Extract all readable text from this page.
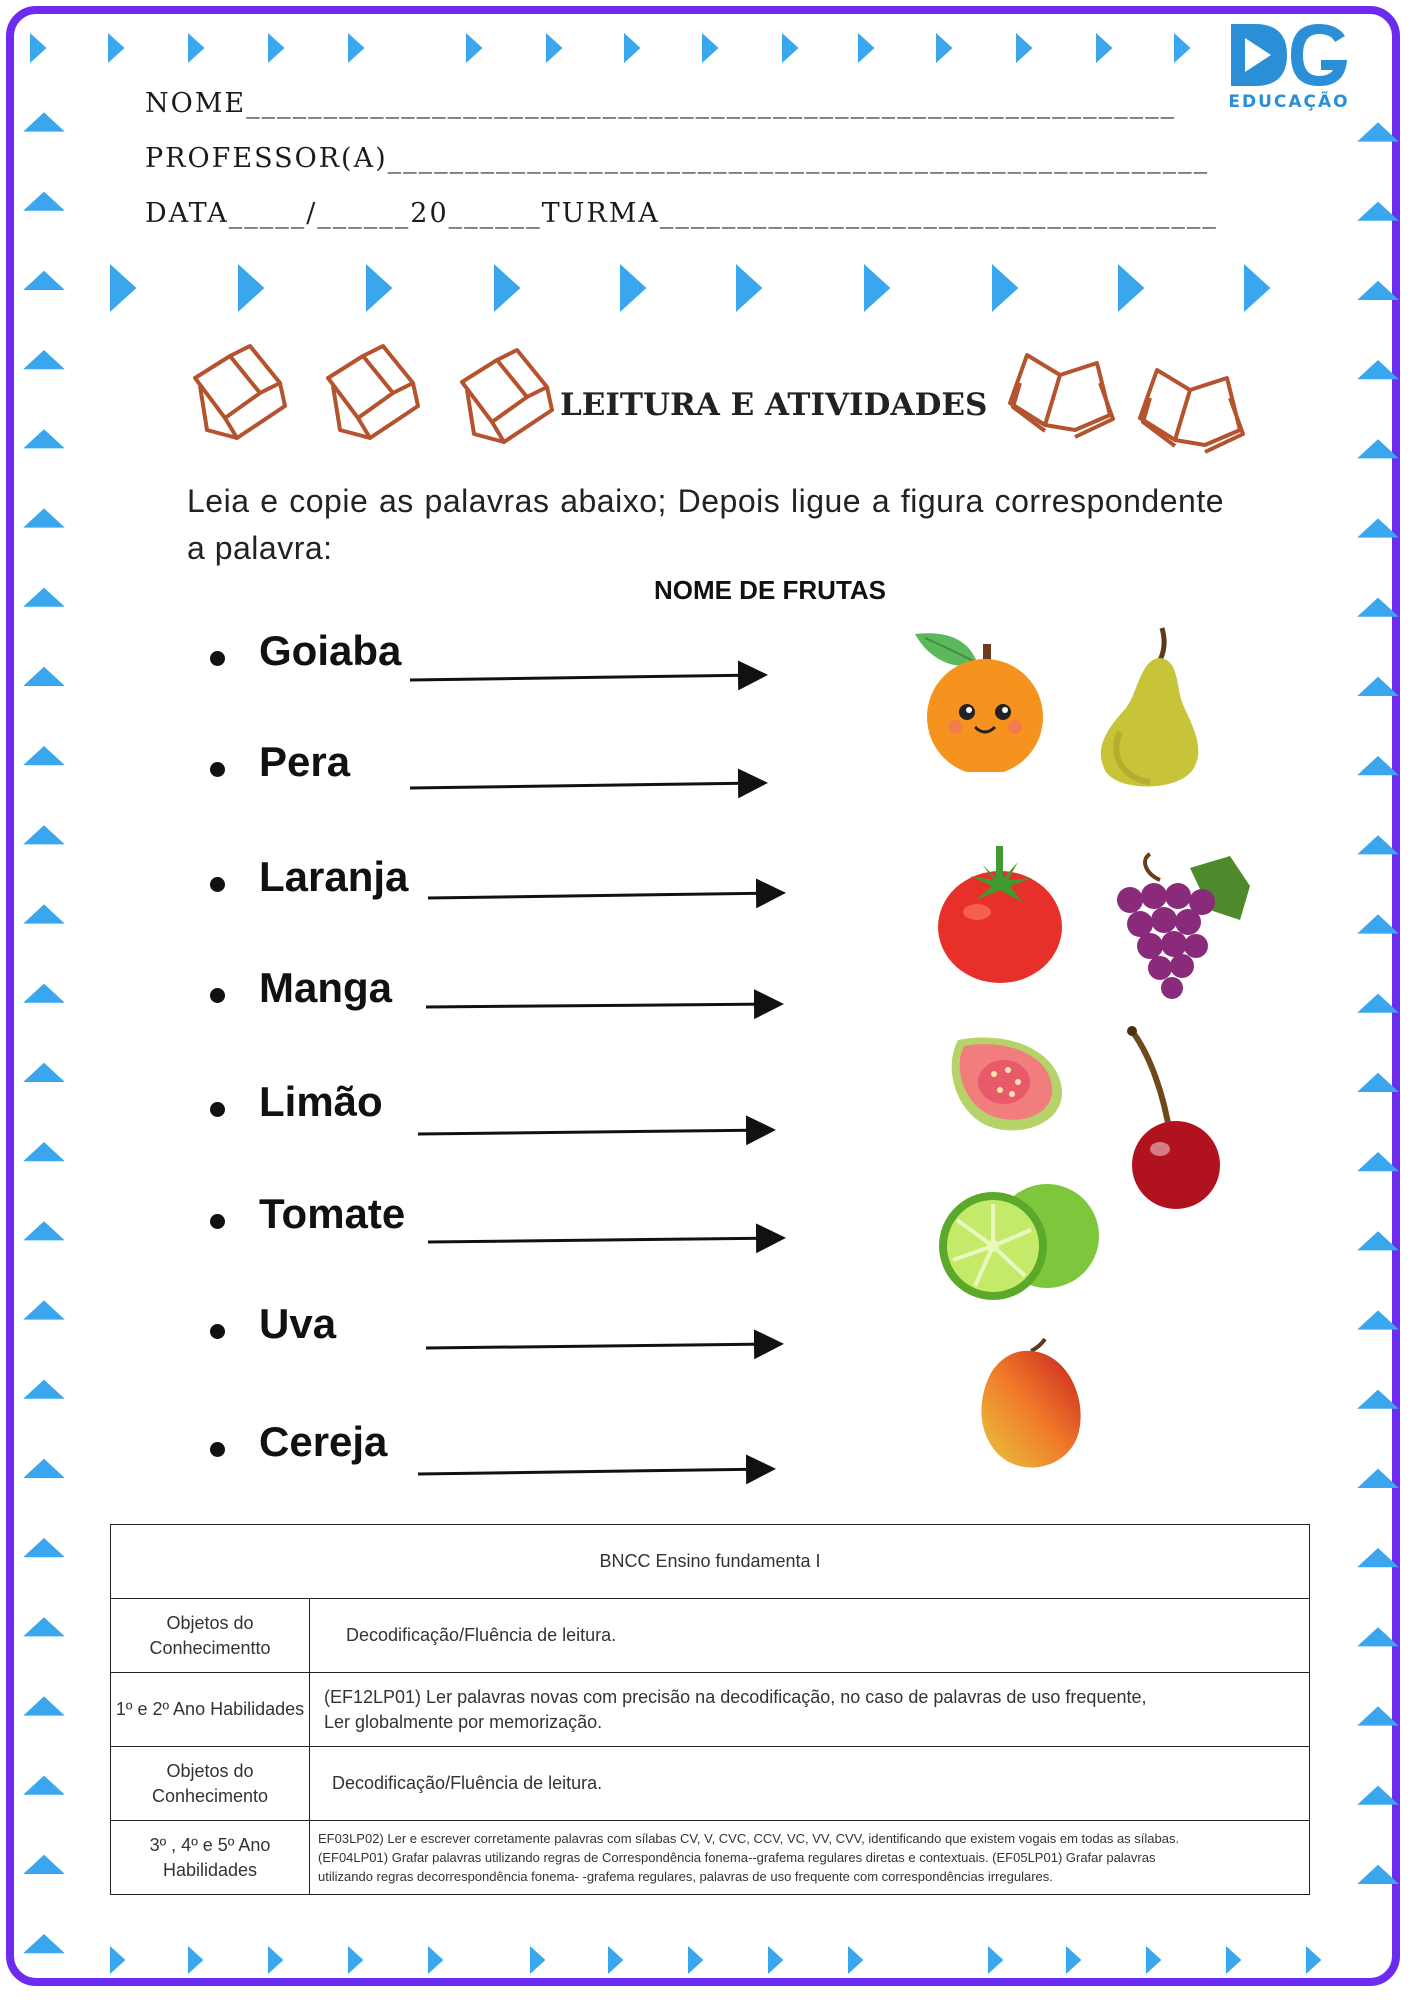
EDUCAÇÃO
NOME____________________________________________________________
PROFESSOR(A)_____________________________________________________
DATA_____/______20______TURMA____________________________________
LEITURA E ATIVIDADES
Leia e copie as palavras abaixo; Depois ligue a figura correspondente a palavra:
NOME DE FRUTAS
Goiaba
Pera
Laranja
Manga
Limão
Tomate
Uva
Cereja
BNCC Ensino fundamenta I	
Objetos do Conhecimentto	Decodificação/Fluência de leitura.
1º e 2º Ano Habilidades	(EF12LP01) Ler palavras novas com precisão na decodificação, no caso de palavras de uso frequente,
Ler globalmente por memorização.

Objetos do Conhecimento	Decodificação/Fluência de leitura.
3º , 4º e 5º Ano Habilidades	EF03LP02) Ler e escrever corretamente palavras com sílabas CV, V, CVC, CCV, VC, VV, CVV, identificando que existem vogais em todas as sílabas.
(EF04LP01) Grafar palavras utilizando regras de Correspondência fonema--grafema regulares diretas e contextuais. (EF05LP01) Grafar palavras
utilizando regras decorrespondência fonema- -grafema regulares, palavras de uso frequente com correspondências irregulares.
